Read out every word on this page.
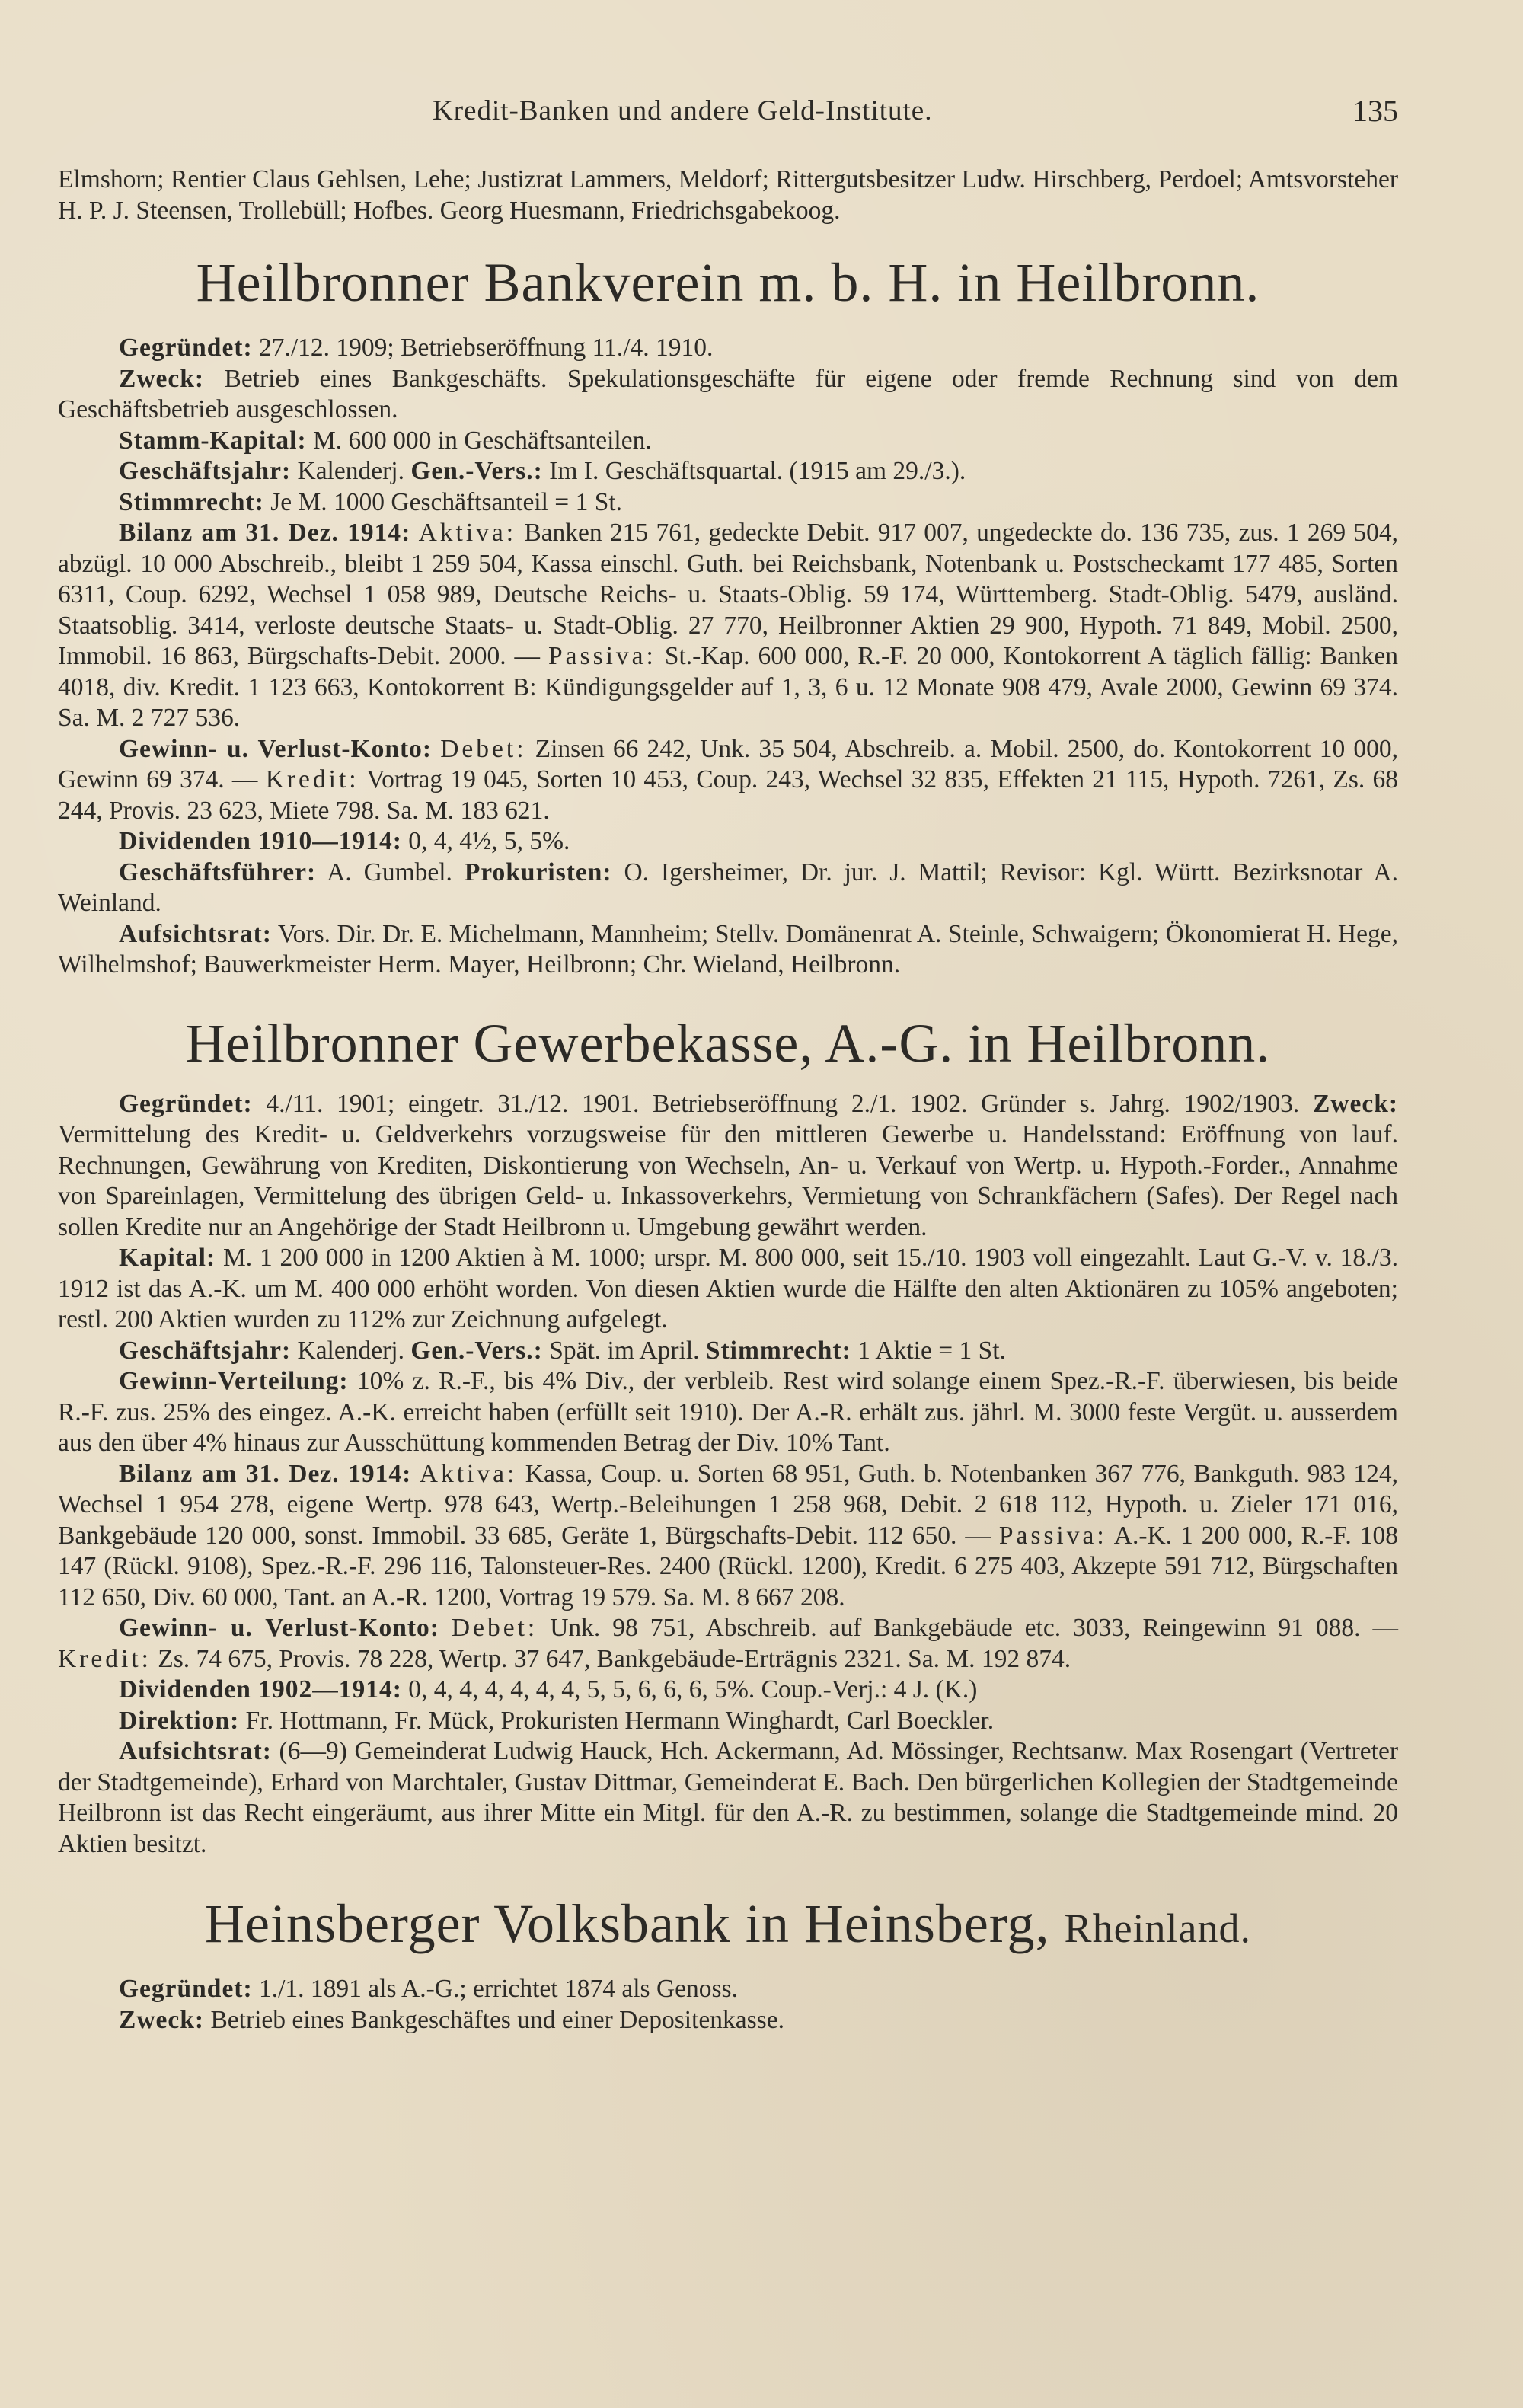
Kredit-Banken und andere Geld-Institute.	135

Elmshorn; Rentier Claus Gehlsen, Lehe; Justizrat Lammers, Meldorf; Rittergutsbesitzer Ludw. Hirschberg, Perdoel; Amtsvorsteher H. P. J. Steensen, Trollebüll; Hofbes. Georg Huesmann, Friedrichsgabekoog.

Heilbronner Bankverein m. b. H. in Heilbronn.

Gegründet: 27./12. 1909; Betriebseröffnung 11./4. 1910.

Zweck: Betrieb eines Bankgeschäfts. Spekulationsgeschäfte für eigene oder fremde Rechnung sind von dem Geschäftsbetrieb ausgeschlossen.

Stamm-Kapital: M. 600 000 in Geschäftsanteilen.

Geschäftsjahr: Kalenderj. Gen.-Vers.: Im I. Geschäftsquartal. (1915 am 29./3.).

Stimmrecht: Je M. 1000 Geschäftsanteil = 1 St.

Bilanz am 31. Dez. 1914: Aktiva: Banken 215 761, gedeckte Debit. 917 007, ungedeckte do. 136 735, zus. 1 269 504, abzügl. 10 000 Abschreib., bleibt 1 259 504, Kassa einschl. Guth. bei Reichsbank, Notenbank u. Postscheckamt 177 485, Sorten 6311, Coup. 6292, Wechsel 1 058 989, Deutsche Reichs- u. Staats-Oblig. 59 174, Württemberg. Stadt-Oblig. 5479, ausländ. Staatsoblig. 3414, verloste deutsche Staats- u. Stadt-Oblig. 27 770, Heilbronner Aktien 29 900, Hypoth. 71 849, Mobil. 2500, Immobil. 16 863, Bürgschafts-Debit. 2000. — Passiva: St.-Kap. 600 000, R.-F. 20 000, Kontokorrent A täglich fällig: Banken 4018, div. Kredit. 1 123 663, Kontokorrent B: Kündigungsgelder auf 1, 3, 6 u. 12 Monate 908 479, Avale 2000, Gewinn 69 374. Sa. M. 2 727 536.

Gewinn- u. Verlust-Konto: Debet: Zinsen 66 242, Unk. 35 504, Abschreib. a. Mobil. 2500, do. Kontokorrent 10 000, Gewinn 69 374. — Kredit: Vortrag 19 045, Sorten 10 453, Coup. 243, Wechsel 32 835, Effekten 21 115, Hypoth. 7261, Zs. 68 244, Provis. 23 623, Miete 798. Sa. M. 183 621.

Dividenden 1910—1914: 0, 4, 4½, 5, 5%.

Geschäftsführer: A. Gumbel. Prokuristen: O. Igersheimer, Dr. jur. J. Mattil; Revisor: Kgl. Württ. Bezirksnotar A. Weinland.

Aufsichtsrat: Vors. Dir. Dr. E. Michelmann, Mannheim; Stellv. Domänenrat A. Steinle, Schwaigern; Ökonomierat H. Hege, Wilhelmshof; Bauwerkmeister Herm. Mayer, Heilbronn; Chr. Wieland, Heilbronn.

Heilbronner Gewerbekasse, A.-G. in Heilbronn.

Gegründet: 4./11. 1901; eingetr. 31./12. 1901. Betriebseröffnung 2./1. 1902. Gründer s. Jahrg. 1902/1903. Zweck: Vermittelung des Kredit- u. Geldverkehrs vorzugsweise für den mittleren Gewerbe u. Handelsstand: Eröffnung von lauf. Rechnungen, Gewährung von Krediten, Diskontierung von Wechseln, An- u. Verkauf von Wertp. u. Hypoth.-Forder., Annahme von Spareinlagen, Vermittelung des übrigen Geld- u. Inkassoverkehrs, Vermietung von Schrankfächern (Safes). Der Regel nach sollen Kredite nur an Angehörige der Stadt Heilbronn u. Umgebung gewährt werden.

Kapital: M. 1 200 000 in 1200 Aktien à M. 1000; urspr. M. 800 000, seit 15./10. 1903 voll eingezahlt. Laut G.-V. v. 18./3. 1912 ist das A.-K. um M. 400 000 erhöht worden. Von diesen Aktien wurde die Hälfte den alten Aktionären zu 105% angeboten; restl. 200 Aktien wurden zu 112% zur Zeichnung aufgelegt.

Geschäftsjahr: Kalenderj. Gen.-Vers.: Spät. im April. Stimmrecht: 1 Aktie = 1 St.

Gewinn-Verteilung: 10% z. R.-F., bis 4% Div., der verbleib. Rest wird solange einem Spez.-R.-F. überwiesen, bis beide R.-F. zus. 25% des eingez. A.-K. erreicht haben (erfüllt seit 1910). Der A.-R. erhält zus. jährl. M. 3000 feste Vergüt. u. ausserdem aus den über 4% hinaus zur Ausschüttung kommenden Betrag der Div. 10% Tant.

Bilanz am 31. Dez. 1914: Aktiva: Kassa, Coup. u. Sorten 68 951, Guth. b. Notenbanken 367 776, Bankguth. 983 124, Wechsel 1 954 278, eigene Wertp. 978 643, Wertp.-Beleihungen 1 258 968, Debit. 2 618 112, Hypoth. u. Zieler 171 016, Bankgebäude 120 000, sonst. Immobil. 33 685, Geräte 1, Bürgschafts-Debit. 112 650. — Passiva: A.-K. 1 200 000, R.-F. 108 147 (Rückl. 9108), Spez.-R.-F. 296 116, Talonsteuer-Res. 2400 (Rückl. 1200), Kredit. 6 275 403, Akzepte 591 712, Bürgschaften 112 650, Div. 60 000, Tant. an A.-R. 1200, Vortrag 19 579. Sa. M. 8 667 208.

Gewinn- u. Verlust-Konto: Debet: Unk. 98 751, Abschreib. auf Bankgebäude etc. 3033, Reingewinn 91 088. — Kredit: Zs. 74 675, Provis. 78 228, Wertp. 37 647, Bankgebäude-Erträgnis 2321. Sa. M. 192 874.

Dividenden 1902—1914: 0, 4, 4, 4, 4, 4, 4, 5, 5, 6, 6, 6, 5%. Coup.-Verj.: 4 J. (K.)

Direktion: Fr. Hottmann, Fr. Mück, Prokuristen Hermann Winghardt, Carl Boeckler.

Aufsichtsrat: (6—9) Gemeinderat Ludwig Hauck, Hch. Ackermann, Ad. Mössinger, Rechtsanw. Max Rosengart (Vertreter der Stadtgemeinde), Erhard von Marchtaler, Gustav Dittmar, Gemeinderat E. Bach. Den bürgerlichen Kollegien der Stadtgemeinde Heilbronn ist das Recht eingeräumt, aus ihrer Mitte ein Mitgl. für den A.-R. zu bestimmen, solange die Stadtgemeinde mind. 20 Aktien besitzt.

Heinsberger Volksbank in Heinsberg, Rheinland.

Gegründet: 1./1. 1891 als A.-G.; errichtet 1874 als Genoss.

Zweck: Betrieb eines Bankgeschäftes und einer Depositenkasse.
